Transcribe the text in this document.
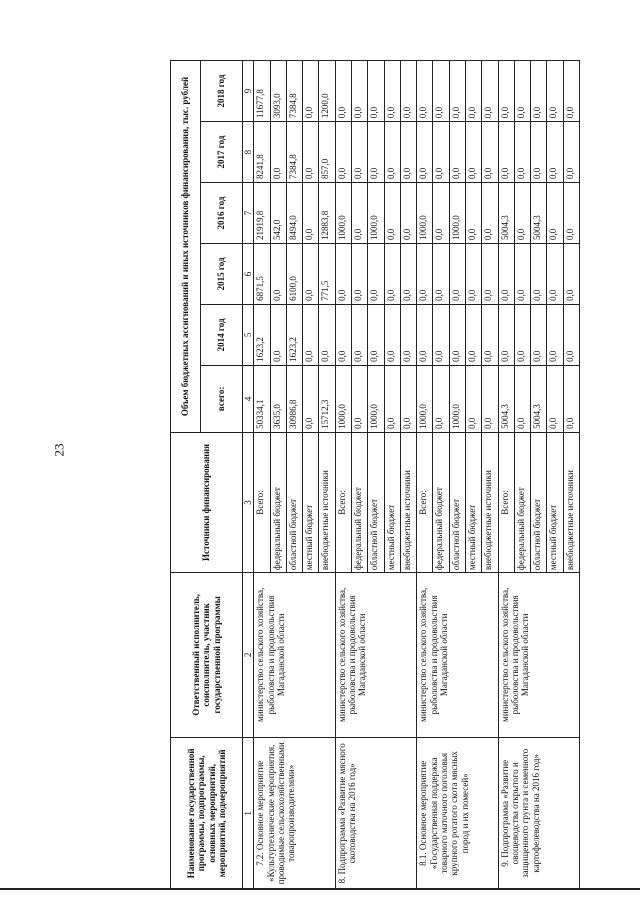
23
Наименование государственной программы, подпрограммы, основных мероприятий, мероприятий, подмероприятий	Ответственный исполнитель, соисполнитель, участник государственной программы	Источники финансирования	Объем бюджетных ассигнований и иных источников финансирования, тыс. рублей					
			всего:	2014 год	2015 год	2016 год	2017 год	2018 год
1	2	3	4	5	6	7	8	9
7.2. Основное мероприятие «Культуртехнические мероприятия, проводимые сельскохозяйственными товаропроизводителями»	министерство сельского хозяйства, рыболовства и продовольствия Магаданской области	Всего:	50334,1	1623,2	6871,5	21919,8	8241,8	11677,8
		федеральный бюджет	3635,0	0,0	0,0	542,0	0,0	3093,0
		областной бюджет	30986,8	1623,2	6100,0	8494,0	7384,8	7384,8
		местный бюджет	0,0	0,0	0,0	0,0	0,0	0,0
		внебюджетные источники	15712,3	0,0	771,5	12883,8	857,0	1200,0
8. Подпрограмма «Развитие мясного скотоводства на 2016 год»	министерство сельского хозяйства, рыболовства и продовольствия Магаданской области	Всего:	1000,0	0,0	0,0	1000,0	0,0	0,0
		федеральный бюджет	0,0	0,0	0,0	0,0	0,0	0,0
		областной бюджет	1000,0	0,0	0,0	1000,0	0,0	0,0
		местный бюджет	0,0	0,0	0,0	0,0	0,0	0,0
		внебюджетные источники	0,0	0,0	0,0	0,0	0,0	0,0
8.1. Основное мероприятие «Государственная поддержка товарного маточного поголовья крупного рогатого скота мясных пород и их помесей»	министерство сельского хозяйства, рыболовства и продовольствия Магаданской области	Всего:	1000,0	0,0	0,0	1000,0	0,0	0,0
		федеральный бюджет	0,0	0,0	0,0	0,0	0,0	0,0
		областной бюджет	1000,0	0,0	0,0	1000,0	0,0	0,0
		местный бюджет	0,0	0,0	0,0	0,0	0,0	0,0
		внебюджетные источники	0,0	0,0	0,0	0,0	0,0	0,0
9. Подпрограмма «Развитие овощеводства открытого и защищенного грунта и семенного картофелеводства на 2016 год»	министерство сельского хозяйства, рыболовства и продовольствия Магаданской области	Всего:	5004,3	0,0	0,0	5004,3	0,0	0,0
		федеральный бюджет	0,0	0,0	0,0	0,0	0,0	0,0
		областной бюджет	5004,3	0,0	0,0	5004,3	0,0	0,0
		местный бюджет	0,0	0,0	0,0	0,0	0,0	0,0
		внебюджетные источники	0,0	0,0	0,0	0,0	0,0	0,0
